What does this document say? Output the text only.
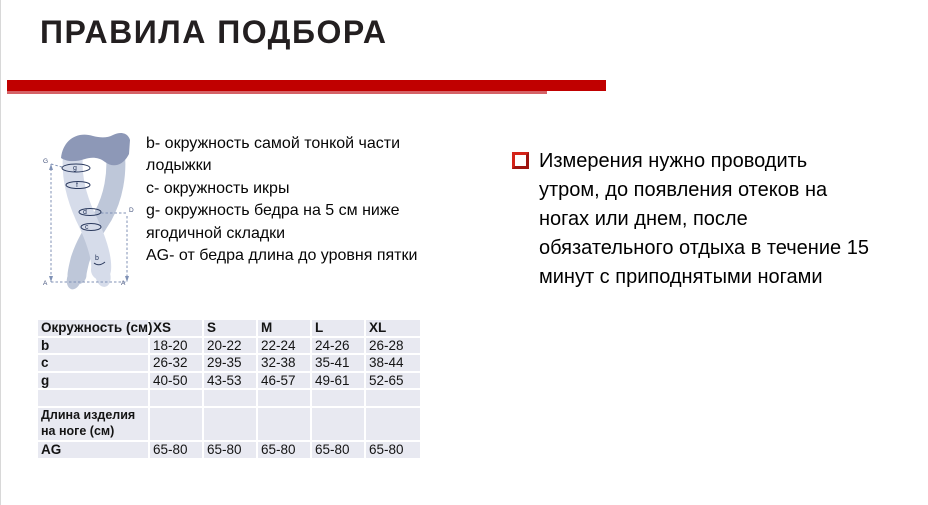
ПРАВИЛА ПОДБОРА
g
f
d
c
b
G
A	A
D
b- окружность самой тонкой части лодыжки
c- окружность икры
g- окружность бедра на 5 см ниже ягодичной складки
AG- от бедра длина до уровня пятки
Измерения нужно проводить
утром, до появления отеков на
ногах или днем, после
обязательного отдыха в течение 15
минут с приподнятыми ногами
Окружность (см)	XS	S	M	L	XL
b	18-20	20-22	22-24	24-26	26-28
c	26-32	29-35	32-38	35-41	38-44
g	40-50	43-53	46-57	49-61	52-65

Длина изделия на ноге (см)					
AG	65-80	65-80	65-80	65-80	65-80
